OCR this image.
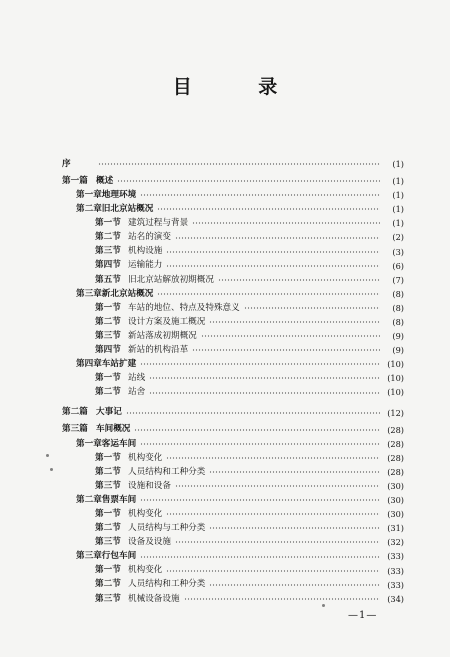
目 录
序	(1)
第一篇 概述	(1)
第一章 地理环境	(1)
第二章 旧北京站概况	(1)
第一节 建筑过程与背景	(1)
第二节 站名的演变	(2)
第三节 机构设施	(3)
第四节 运输能力	(6)
第五节 旧北京站解放初期概况	(7)
第三章 新北京站概况	(8)
第一节 车站的地位、特点及特殊意义	(8)
第二节 设计方案及施工概况	(8)
第三节 新站落成初期概况	(9)
第四节 新站的机构沿革	(9)
第四章 车站扩建	(10)
第一节 站线	(10)
第二节 站舍	(10)
第二篇 大事记	(12)
第三篇 车间概况	(28)
第一章 客运车间	(28)
第一节 机构变化	(28)
第二节 人员结构和工种分类	(28)
第三节 设施和设备	(30)
第二章 售票车间	(30)
第一节 机构变化	(30)
第二节 人员结构与工种分类	(31)
第三节 设备及设施	(32)
第三章 行包车间	(33)
第一节 机构变化	(33)
第二节 人员结构和工种分类	(33)
第三节 机械设备设施	(34)
—1—
